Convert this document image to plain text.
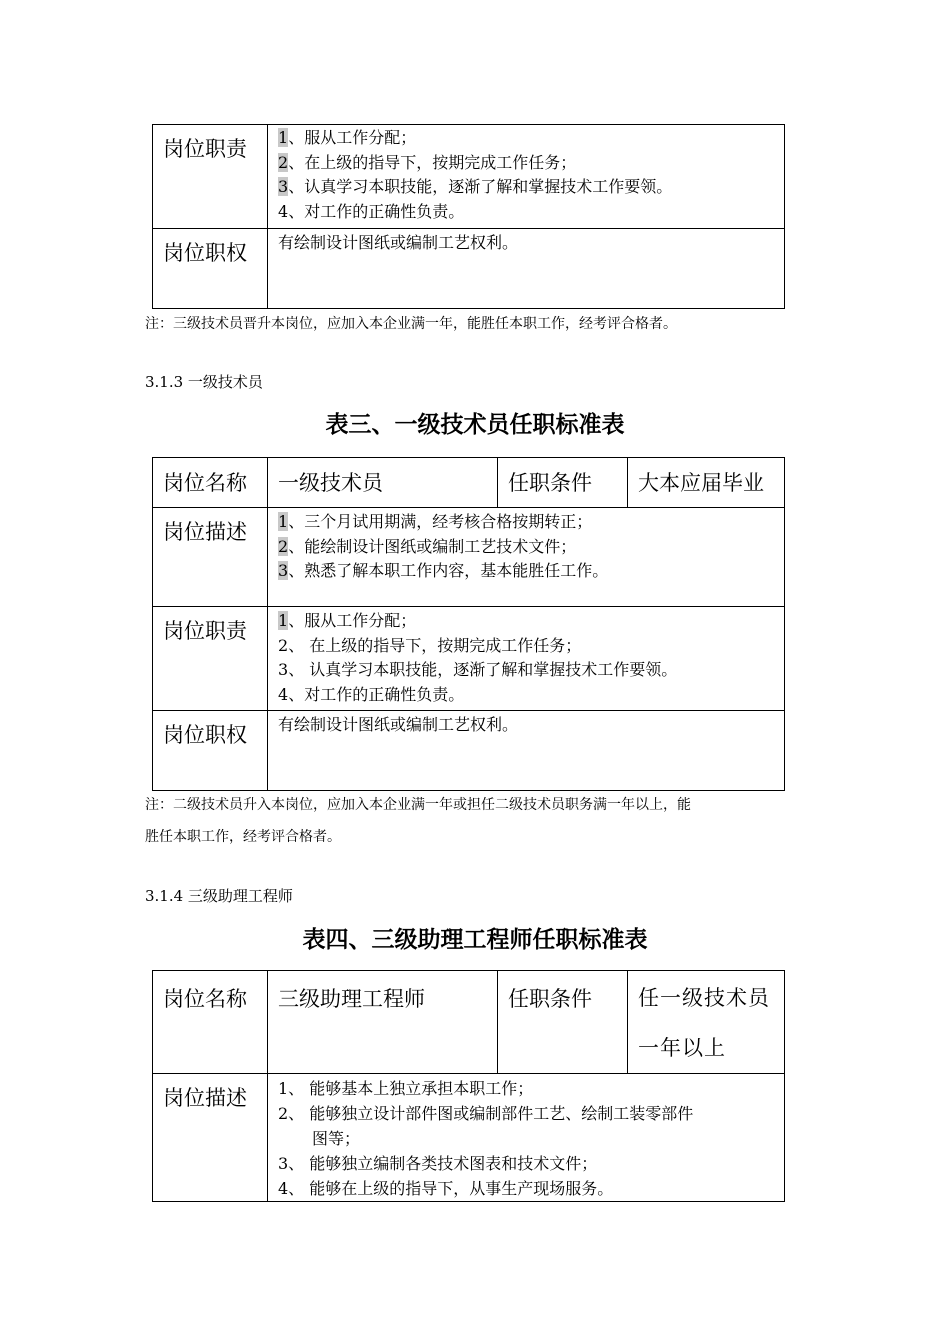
岗位职责	1、服从工作分配；
2、在上级的指导下，按期完成工作任务；
3、认真学习本职技能，逐渐了解和掌握技术工作要领。
4、对工作的正确性负责。

岗位职权	有绘制设计图纸或编制工艺权利。
注：三级技术员晋升本岗位，应加入本企业满一年，能胜任本职工作，经考评合格者。
3.1.3 一级技术员
表三、一级技术员任职标准表
岗位名称	一级技术员	任职条件	大本应届毕业
岗位描述	1、三个月试用期满，经考核合格按期转正；
2、能绘制设计图纸或编制工艺技术文件；
3、熟悉了解本职工作内容，基本能胜任工作。		

岗位职责	1、服从工作分配；
2、 在上级的指导下，按期完成工作任务；
3、 认真学习本职技能，逐渐了解和掌握技术工作要领。
4、对工作的正确性负责。		

岗位职权	有绘制设计图纸或编制工艺权利。		
注：二级技术员升入本岗位，应加入本企业满一年或担任二级技术员职务满一年以上，能
胜任本职工作，经考评合格者。
3.1.4 三级助理工程师
表四、三级助理工程师任职标准表
岗位名称	三级助理工程师	任职条件	任一级技术员
一年以上

岗位描述	1、 能够基本上独立承担本职工作；
2、 能够独立设计部件图或编制部件工艺、绘制工装零部件
图等；
3、 能够独立编制各类技术图表和技术文件；
4、 能够在上级的指导下，从事生产现场服务。		
